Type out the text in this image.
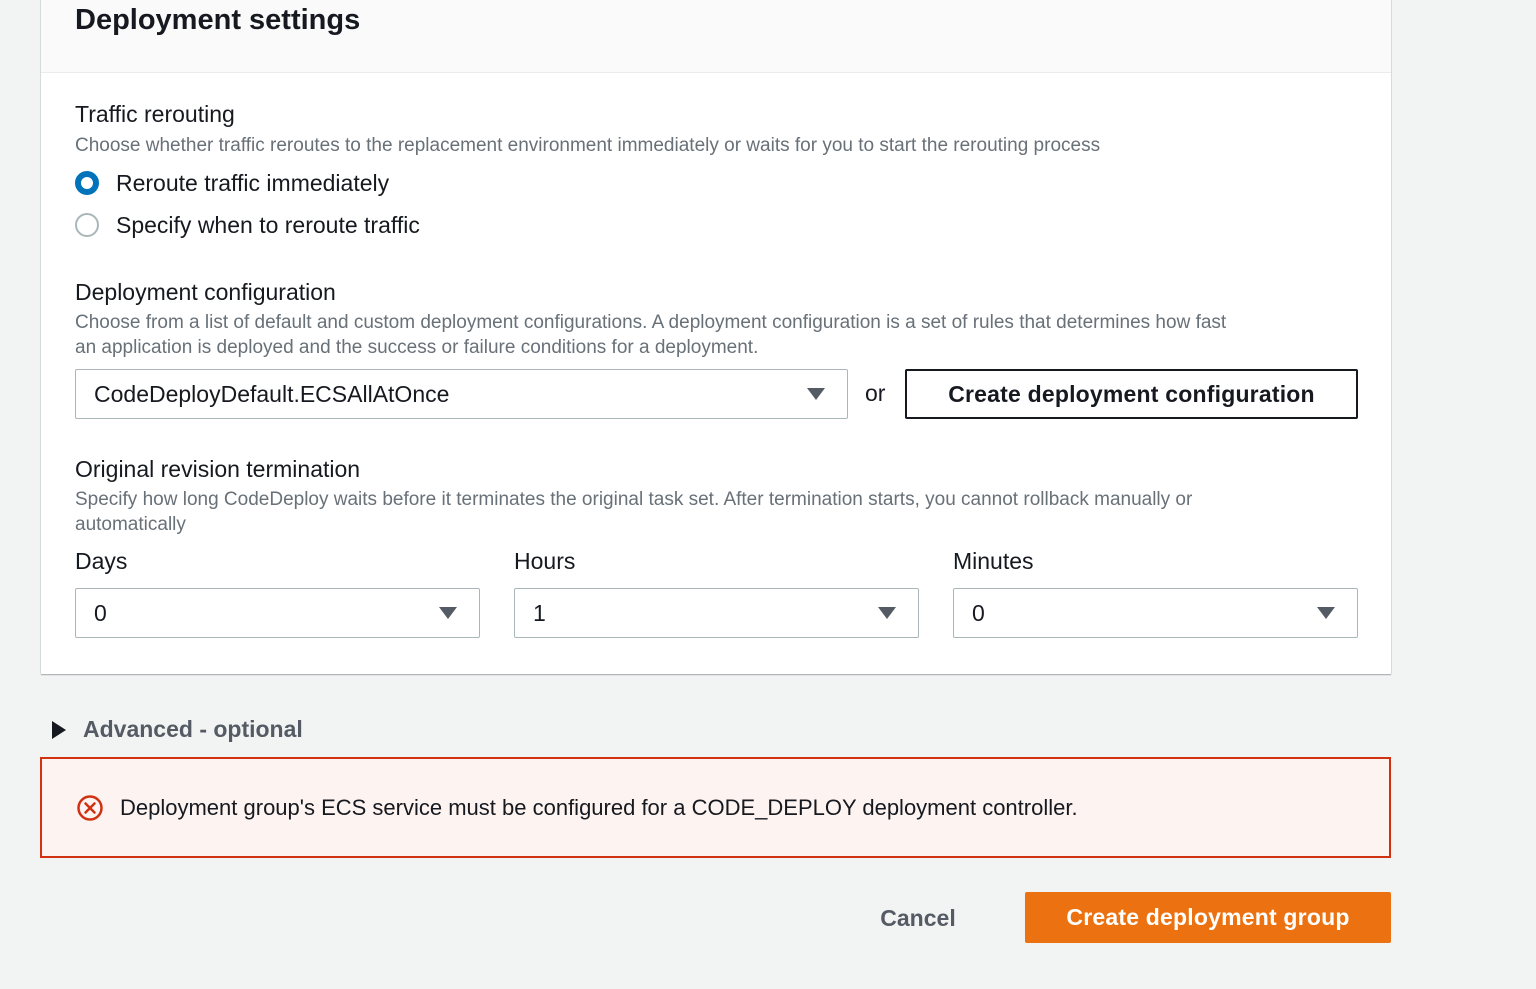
Deployment settings
Traffic rerouting
Choose whether traffic reroutes to the replacement environment immediately or waits for you to start the rerouting process
Reroute traffic immediately
Specify when to reroute traffic
Deployment configuration
Choose from a list of default and custom deployment configurations. A deployment configuration is a set of rules that determines how fast
an application is deployed and the success or failure conditions for a deployment.
CodeDeployDefault.ECSAllAtOnce	or	Create deployment configuration
Original revision termination
Specify how long CodeDeploy waits before it terminates the original task set. After termination starts, you cannot rollback manually or
automatically
Days	Hours	Minutes
0	1	0
Advanced - optional
Deployment group's ECS service must be configured for a CODE_DEPLOY deployment controller.
Cancel	Create deployment group
